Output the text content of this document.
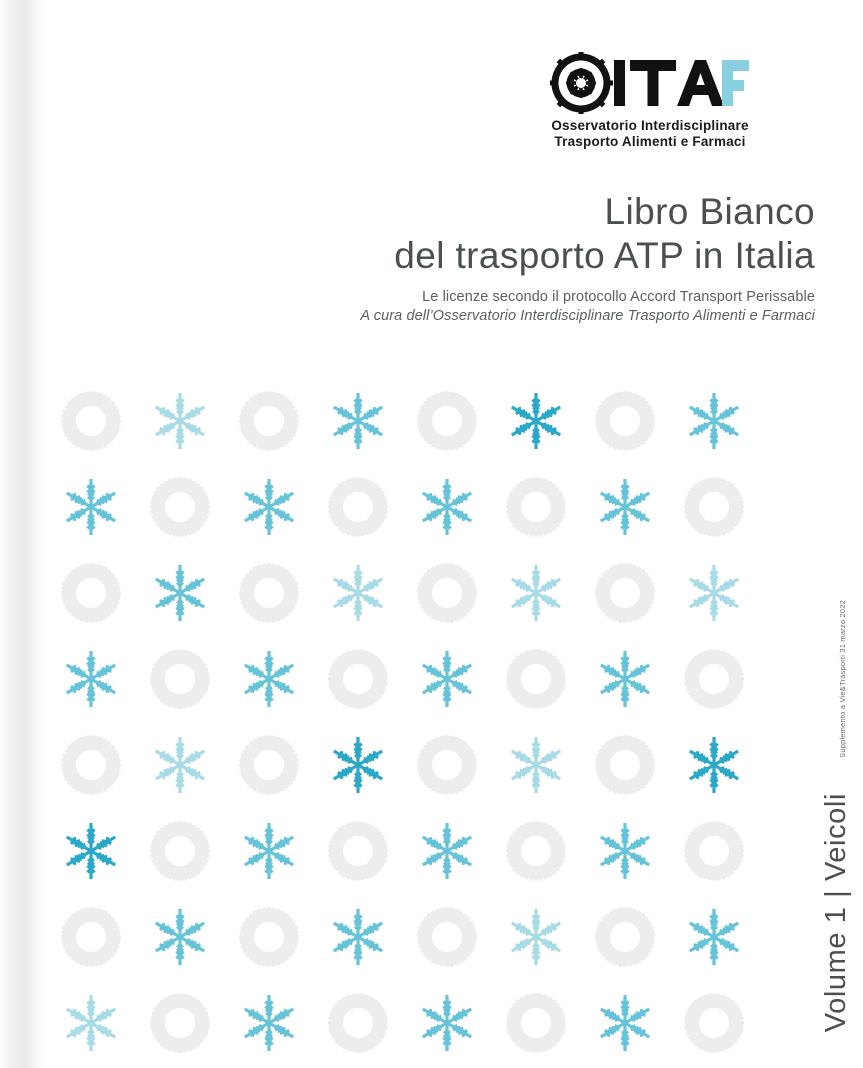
Osservatorio Interdisciplinare
Trasporto Alimenti e Farmaci
Libro Bianco
del trasporto ATP in Italia
Le licenze secondo il protocollo Accord Transport Perissable
A cura dell’Osservatorio Interdisciplinare Trasporto Alimenti e Farmaci
Supplemento a Vie&Trasporti 31 marzo 2022
Volume 1 | Veicoli
